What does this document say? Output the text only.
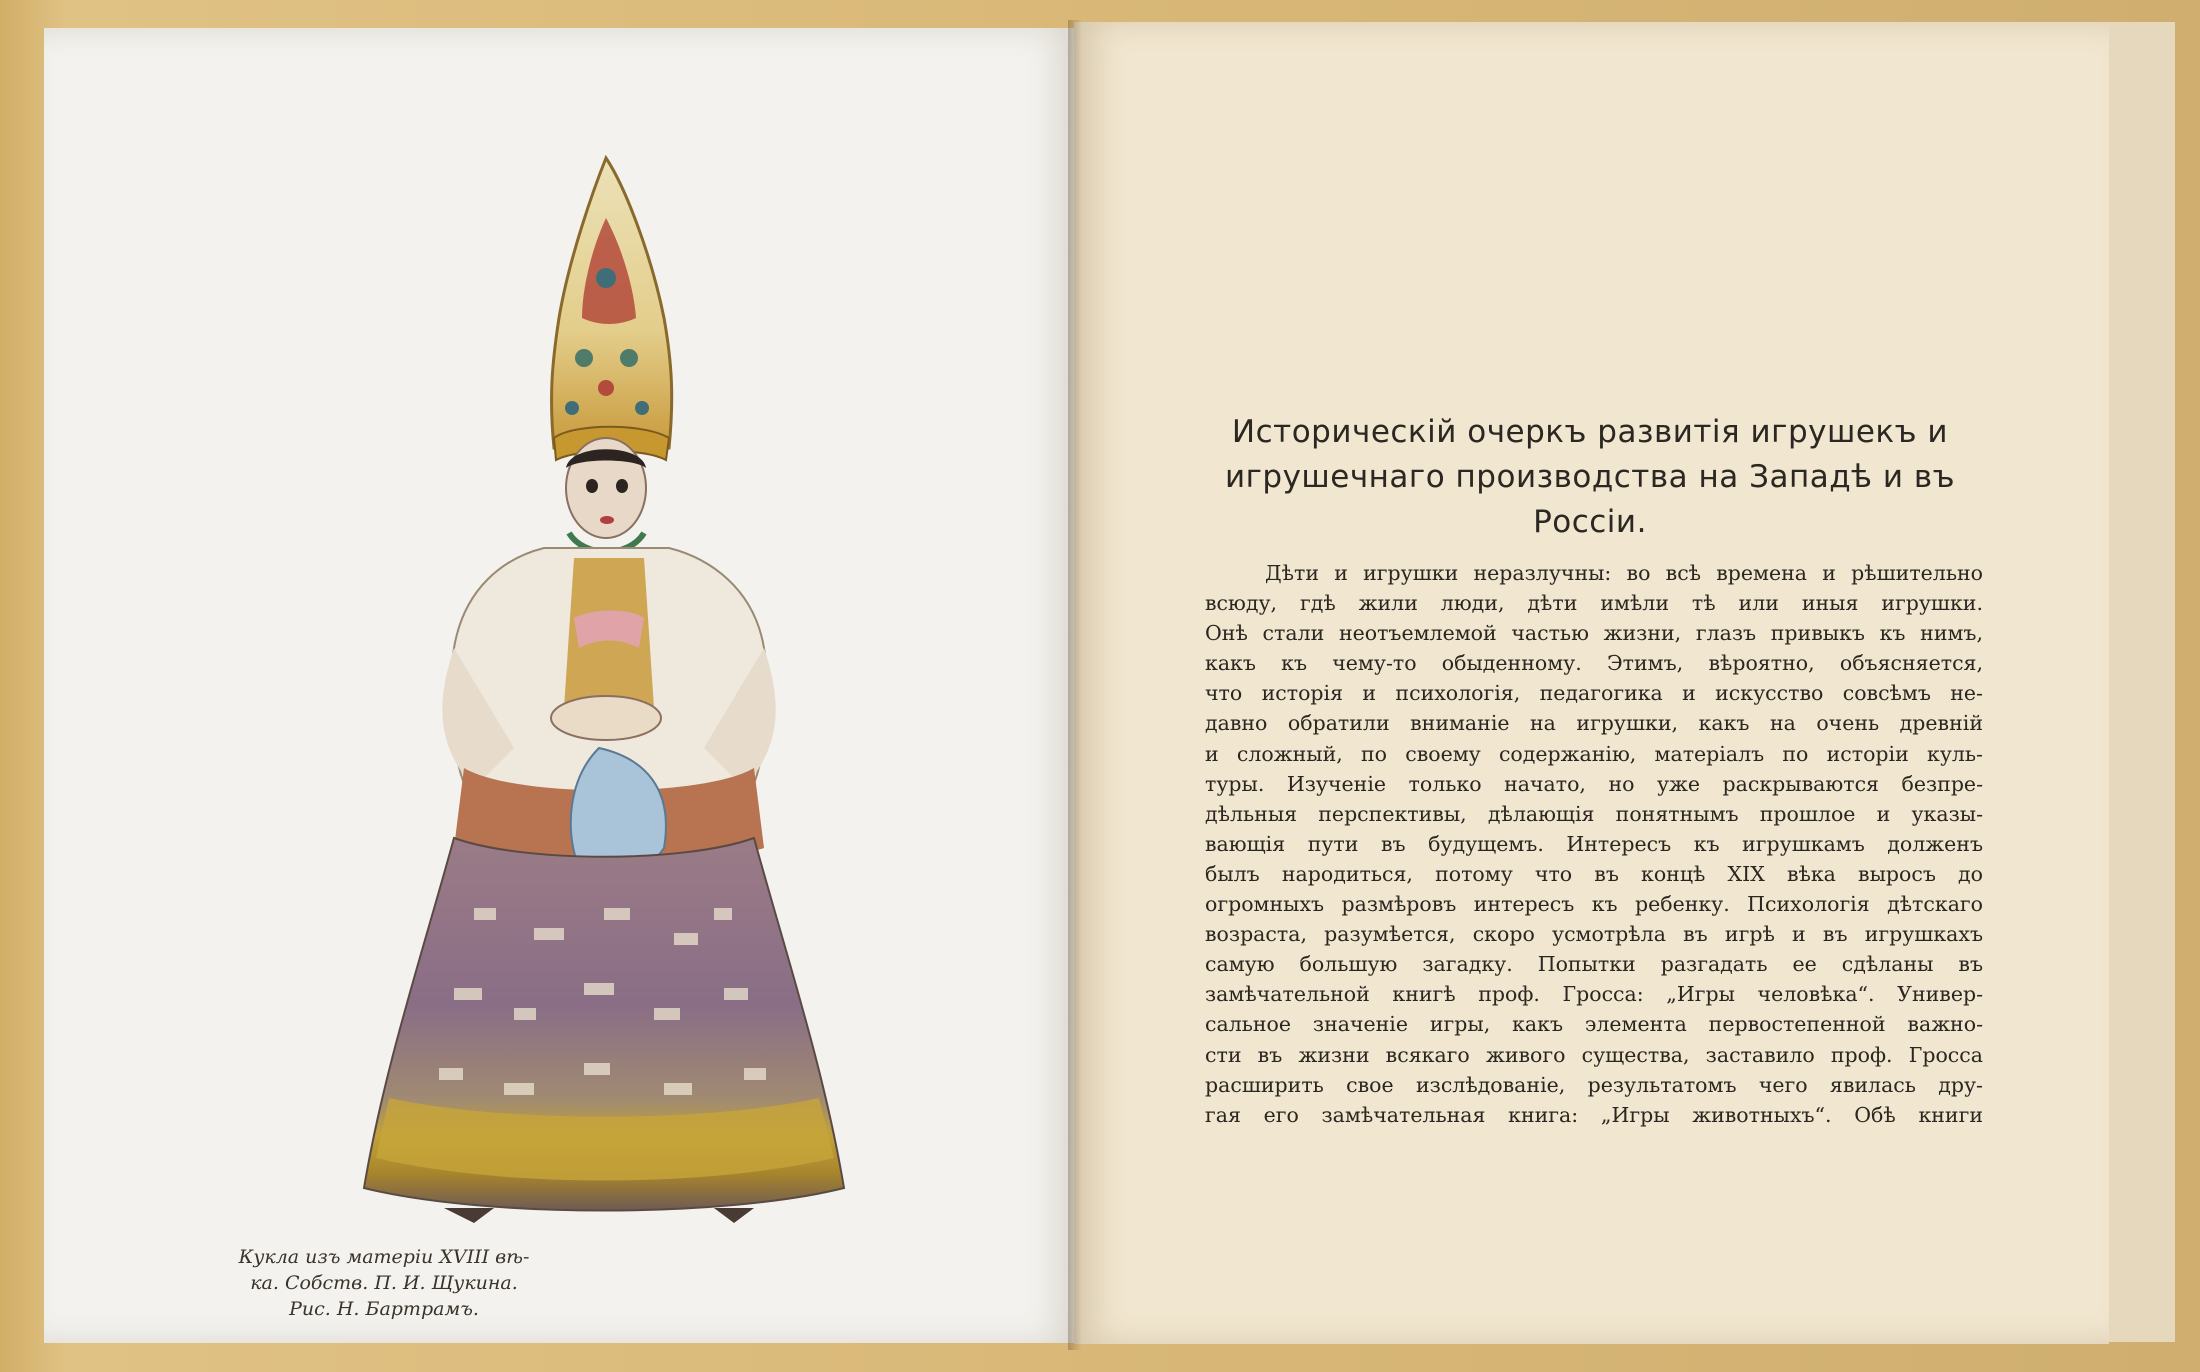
Кукла изъ матеріи XVIII вѣ-
ка. Собств. П. И. Щукина.
Рис. Н. Бартрамъ.
Историческій очеркъ развитія игрушекъ и
игрушечнаго производства на Западѣ и въ
Россіи.
Дѣти и игрушки неразлучны: во всѣ времена и рѣшительно
всюду, гдѣ жили люди, дѣти имѣли тѣ или иныя игрушки.
Онѣ стали неотъемлемой частью жизни, глазъ привыкъ къ нимъ,
какъ къ чему-то обыденному. Этимъ, вѣроятно, объясняется,
что исторія и психологія, педагогика и искусство совсѣмъ не-
давно обратили вниманіе на игрушки, какъ на очень древній
и сложный, по своему содержанію, матеріалъ по исторіи куль-
туры. Изученіе только начато, но уже раскрываются безпре-
дѣльныя перспективы, дѣлающія понятнымъ прошлое и указы-
вающія пути въ будущемъ. Интересъ къ игрушкамъ долженъ
былъ народиться, потому что въ концѣ XIX вѣка выросъ до
огромныхъ размѣровъ интересъ къ ребенку. Психологія дѣтскаго
возраста, разумѣется, скоро усмотрѣла въ игрѣ и въ игрушкахъ
самую большую загадку. Попытки разгадать ее сдѣланы въ
замѣчательной книгѣ проф. Гросса: „Игры человѣка“. Универ-
сальное значеніе игры, какъ элемента первостепенной важно-
сти въ жизни всякаго живого существа, заставило проф. Гросса
расширить свое изслѣдованіе, результатомъ чего явилась дру-
гая его замѣчательная книга: „Игры животныхъ“. Обѣ книги
